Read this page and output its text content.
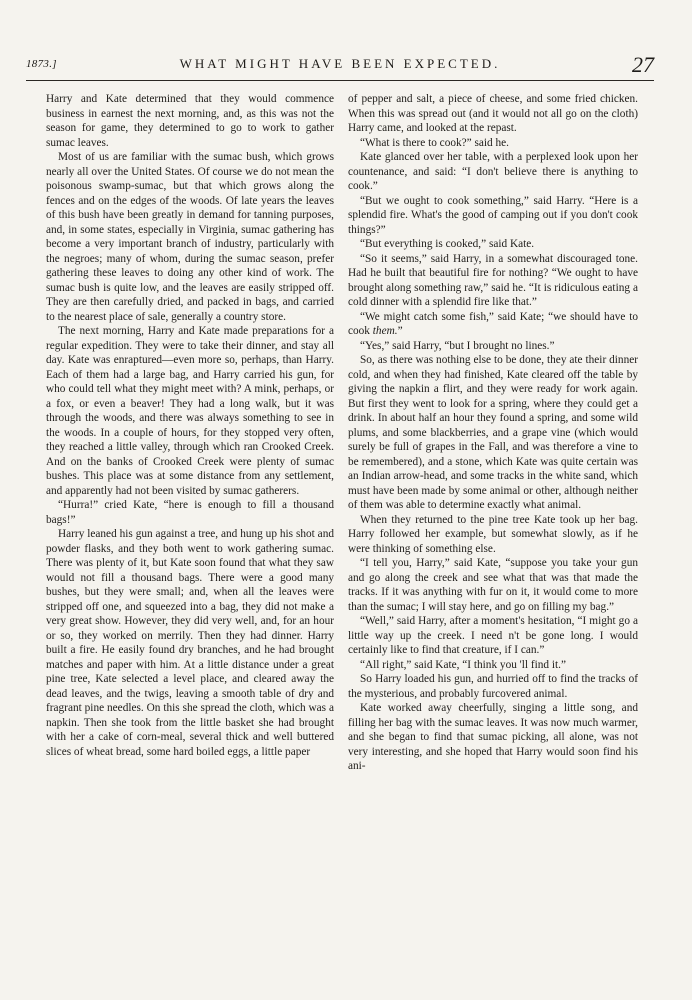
1873.]	WHAT MIGHT HAVE BEEN EXPECTED.	27

Harry and Kate determined that they would commence business in earnest the next morning, and, as this was not the season for game, they determined to go to work to gather sumac leaves.

Most of us are familiar with the sumac bush, which grows nearly all over the United States. Of course we do not mean the poisonous swamp-sumac, but that which grows along the fences and on the edges of the woods. Of late years the leaves of this bush have been greatly in demand for tanning purposes, and, in some states, especially in Virginia, sumac gathering has become a very important branch of industry, particularly with the negroes; many of whom, during the sumac season, prefer gathering these leaves to doing any other kind of work. The sumac bush is quite low, and the leaves are easily stripped off. They are then carefully dried, and packed in bags, and carried to the nearest place of sale, generally a country store.

The next morning, Harry and Kate made preparations for a regular expedition. They were to take their dinner, and stay all day. Kate was enraptured—even more so, perhaps, than Harry. Each of them had a large bag, and Harry carried his gun, for who could tell what they might meet with? A mink, perhaps, or a fox, or even a beaver! They had a long walk, but it was through the woods, and there was always something to see in the woods. In a couple of hours, for they stopped very often, they reached a little valley, through which ran Crooked Creek. And on the banks of Crooked Creek were plenty of sumac bushes. This place was at some distance from any settlement, and apparently had not been visited by sumac gatherers.

“Hurra!” cried Kate, “here is enough to fill a thousand bags!”

Harry leaned his gun against a tree, and hung up his shot and powder flasks, and they both went to work gathering sumac. There was plenty of it, but Kate soon found that what they saw would not fill a thousand bags. There were a good many bushes, but they were small; and, when all the leaves were stripped off one, and squeezed into a bag, they did not make a very great show. However, they did very well, and, for an hour or so, they worked on merrily. Then they had dinner. Harry built a fire. He easily found dry branches, and he had brought matches and paper with him. At a little distance under a great pine tree, Kate selected a level place, and cleared away the dead leaves, and the twigs, leaving a smooth table of dry and fragrant pine needles. On this she spread the cloth, which was a napkin. Then she took from the little basket she had brought with her a cake of corn-meal, several thick and well buttered slices of wheat bread, some hard boiled eggs, a little paper

of pepper and salt, a piece of cheese, and some fried chicken. When this was spread out (and it would not all go on the cloth) Harry came, and looked at the repast.

“What is there to cook?” said he.

Kate glanced over her table, with a perplexed look upon her countenance, and said: “I don't believe there is anything to cook.”

“But we ought to cook something,” said Harry. “Here is a splendid fire. What's the good of camping out if you don't cook things?”

“But everything is cooked,” said Kate.

“So it seems,” said Harry, in a somewhat discouraged tone. Had he built that beautiful fire for nothing? “We ought to have brought along something raw,” said he. “It is ridiculous eating a cold dinner with a splendid fire like that.”

“We might catch some fish,” said Kate; “we should have to cook them.”

“Yes,” said Harry, “but I brought no lines.”

So, as there was nothing else to be done, they ate their dinner cold, and when they had finished, Kate cleared off the table by giving the napkin a flirt, and they were ready for work again. But first they went to look for a spring, where they could get a drink. In about half an hour they found a spring, and some wild plums, and some blackberries, and a grape vine (which would surely be full of grapes in the Fall, and was therefore a vine to be remembered), and a stone, which Kate was quite certain was an Indian arrow-head, and some tracks in the white sand, which must have been made by some animal or other, although neither of them was able to determine exactly what animal.

When they returned to the pine tree Kate took up her bag. Harry followed her example, but somewhat slowly, as if he were thinking of something else.

“I tell you, Harry,” said Kate, “suppose you take your gun and go along the creek and see what that was that made the tracks. If it was anything with fur on it, it would come to more than the sumac; I will stay here, and go on filling my bag.”

“Well,” said Harry, after a moment's hesitation, “I might go a little way up the creek. I need n't be gone long. I would certainly like to find that creature, if I can.”

“All right,” said Kate, “I think you 'll find it.”

So Harry loaded his gun, and hurried off to find the tracks of the mysterious, and probably furcovered animal.

Kate worked away cheerfully, singing a little song, and filling her bag with the sumac leaves. It was now much warmer, and she began to find that sumac picking, all alone, was not very interesting, and she hoped that Harry would soon find his ani-
